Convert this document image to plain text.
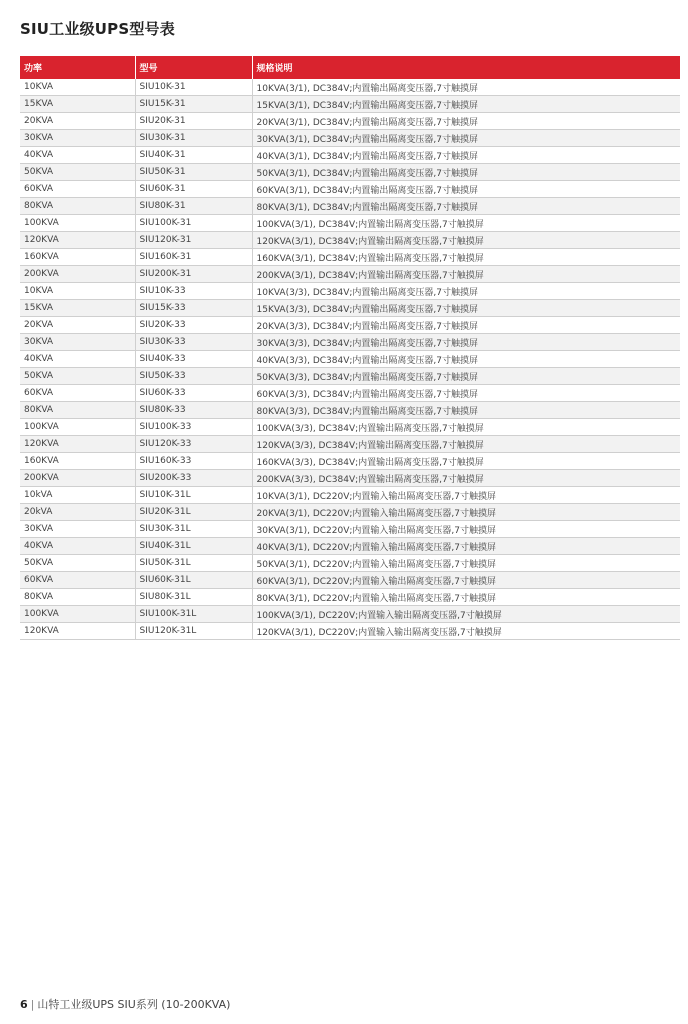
SIU工业级UPS型号表
功率	型号	规格说明
10KVA	SIU10K-31	10KVA(3/1), DC384V;内置输出隔离变压器,7寸触摸屏
15KVA	SIU15K-31	15KVA(3/1), DC384V;内置输出隔离变压器,7寸触摸屏
20KVA	SIU20K-31	20KVA(3/1), DC384V;内置输出隔离变压器,7寸触摸屏
30KVA	SIU30K-31	30KVA(3/1), DC384V;内置输出隔离变压器,7寸触摸屏
40KVA	SIU40K-31	40KVA(3/1), DC384V;内置输出隔离变压器,7寸触摸屏
50KVA	SIU50K-31	50KVA(3/1), DC384V;内置输出隔离变压器,7寸触摸屏
60KVA	SIU60K-31	60KVA(3/1), DC384V;内置输出隔离变压器,7寸触摸屏
80KVA	SIU80K-31	80KVA(3/1), DC384V;内置输出隔离变压器,7寸触摸屏
100KVA	SIU100K-31	100KVA(3/1), DC384V;内置输出隔离变压器,7寸触摸屏
120KVA	SIU120K-31	120KVA(3/1), DC384V;内置输出隔离变压器,7寸触摸屏
160KVA	SIU160K-31	160KVA(3/1), DC384V;内置输出隔离变压器,7寸触摸屏
200KVA	SIU200K-31	200KVA(3/1), DC384V;内置输出隔离变压器,7寸触摸屏
10KVA	SIU10K-33	10KVA(3/3), DC384V;内置输出隔离变压器,7寸触摸屏
15KVA	SIU15K-33	15KVA(3/3), DC384V;内置输出隔离变压器,7寸触摸屏
20KVA	SIU20K-33	20KVA(3/3), DC384V;内置输出隔离变压器,7寸触摸屏
30KVA	SIU30K-33	30KVA(3/3), DC384V;内置输出隔离变压器,7寸触摸屏
40KVA	SIU40K-33	40KVA(3/3), DC384V;内置输出隔离变压器,7寸触摸屏
50KVA	SIU50K-33	50KVA(3/3), DC384V;内置输出隔离变压器,7寸触摸屏
60KVA	SIU60K-33	60KVA(3/3), DC384V;内置输出隔离变压器,7寸触摸屏
80KVA	SIU80K-33	80KVA(3/3), DC384V;内置输出隔离变压器,7寸触摸屏
100KVA	SIU100K-33	100KVA(3/3), DC384V;内置输出隔离变压器,7寸触摸屏
120KVA	SIU120K-33	120KVA(3/3), DC384V;内置输出隔离变压器,7寸触摸屏
160KVA	SIU160K-33	160KVA(3/3), DC384V;内置输出隔离变压器,7寸触摸屏
200KVA	SIU200K-33	200KVA(3/3), DC384V;内置输出隔离变压器,7寸触摸屏
10kVA	SIU10K-31L	10KVA(3/1), DC220V;内置输入输出隔离变压器,7寸触摸屏
20kVA	SIU20K-31L	20KVA(3/1), DC220V;内置输入输出隔离变压器,7寸触摸屏
30KVA	SIU30K-31L	30KVA(3/1), DC220V;内置输入输出隔离变压器,7寸触摸屏
40KVA	SIU40K-31L	40KVA(3/1), DC220V;内置输入输出隔离变压器,7寸触摸屏
50KVA	SIU50K-31L	50KVA(3/1), DC220V;内置输入输出隔离变压器,7寸触摸屏
60KVA	SIU60K-31L	60KVA(3/1), DC220V;内置输入输出隔离变压器,7寸触摸屏
80KVA	SIU80K-31L	80KVA(3/1), DC220V;内置输入输出隔离变压器,7寸触摸屏
100KVA	SIU100K-31L	100KVA(3/1), DC220V;内置输入输出隔离变压器,7寸触摸屏
120KVA	SIU120K-31L	120KVA(3/1), DC220V;内置输入输出隔离变压器,7寸触摸屏
6 | 山特工业级UPS SIU系列 (10-200KVA)
